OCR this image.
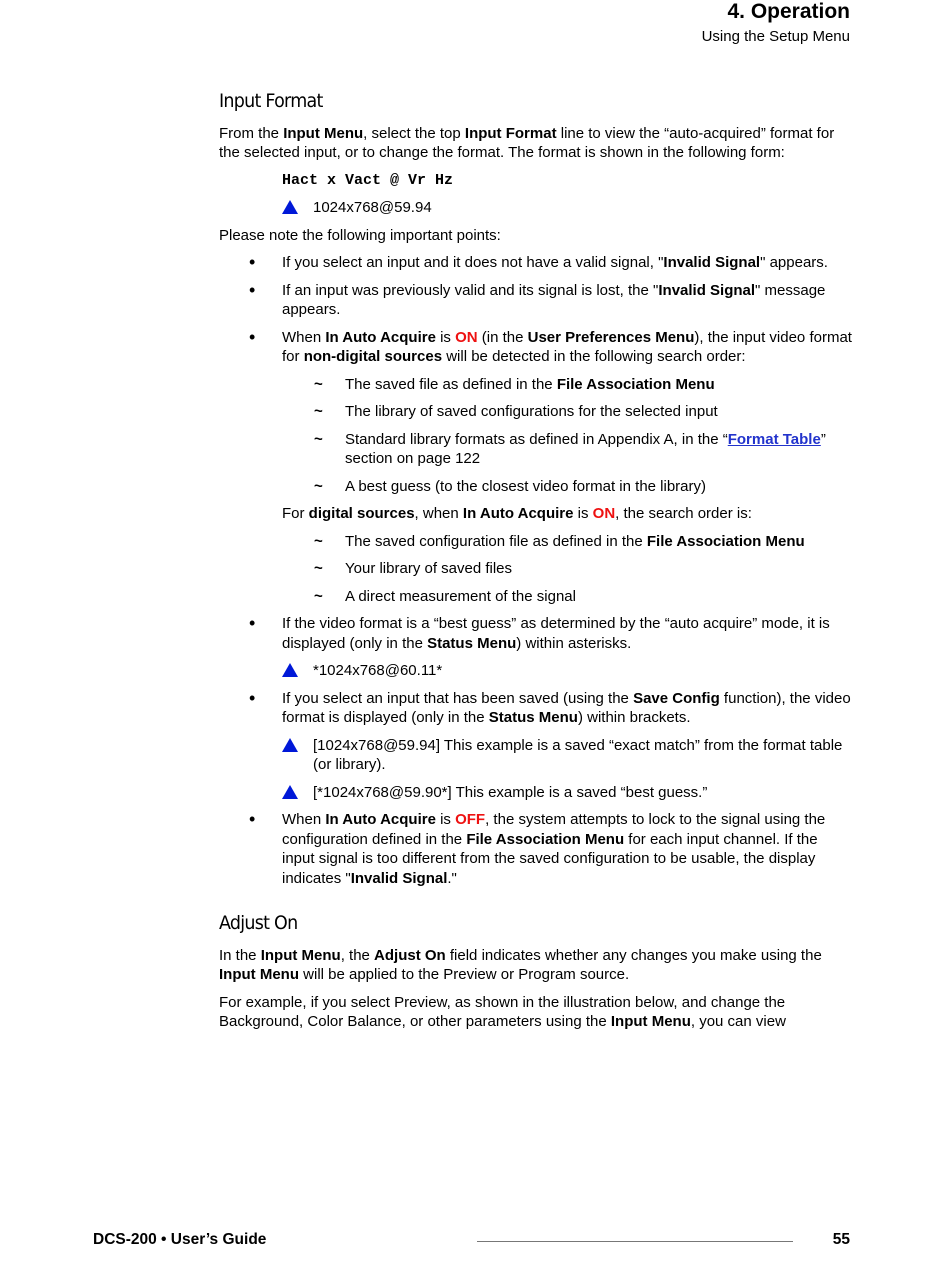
4. Operation
Using the Setup Menu
Input Format

From the Input Menu, select the top Input Format line to view the “auto-acquired” format for the selected input, or to change the format. The format is shown in the following form:

Hact x Vact @ Vr Hz
1024x768@59.94

Please note the following important points:

• If you select an input and it does not have a valid signal, "Invalid Signal" appears.
• If an input was previously valid and its signal is lost, the "Invalid Signal" message appears.
• When In Auto Acquire is ON (in the User Preferences Menu), the input video format for non-digital sources will be detected in the following search order:
~ The saved file as defined in the File Association Menu
~ The library of saved configurations for the selected input
~ Standard library formats as defined in Appendix A, in the “Format Table” section on page 122
~ A best guess (to the closest video format in the library)

For digital sources, when In Auto Acquire is ON, the search order is:

~ The saved configuration file as defined in the File Association Menu
~ Your library of saved files
~ A direct measurement of the signal
• If the video format is a “best guess” as determined by the “auto acquire” mode, it is displayed (only in the Status Menu) within asterisks.
*1024x768@60.11*
• If you select an input that has been saved (using the Save Config function), the video format is displayed (only in the Status Menu) within brackets.
[1024x768@59.94] This example is a saved “exact match” from the format table (or library).
[*1024x768@59.90*] This example is a saved “best guess.”
• When In Auto Acquire is OFF, the system attempts to lock to the signal using the configuration defined in the File Association Menu for each input channel. If the input signal is too different from the saved configuration to be usable, the display indicates "Invalid Signal."
Adjust On

In the Input Menu, the Adjust On field indicates whether any changes you make using the Input Menu will be applied to the Preview or Program source.

For example, if you select Preview, as shown in the illustration below, and change the Background, Color Balance, or other parameters using the Input Menu, you can view

DCS-200 • User’s Guide	55
